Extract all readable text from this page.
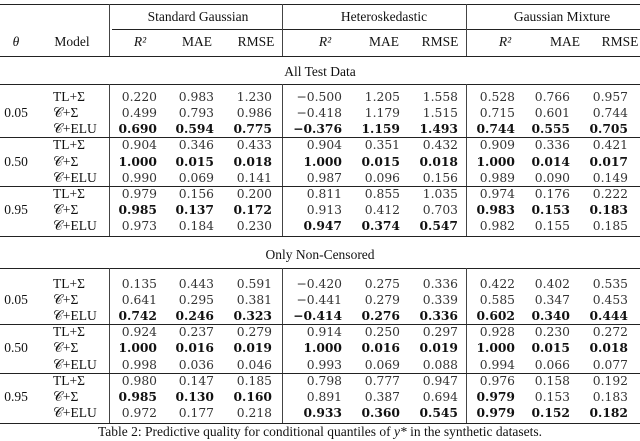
Table 2: Predictive quality for conditional quantiles of y* in the synthetic datasets.
θ	Model
Standard Gaussian	Heteroskedastic	Gaussian Mixture
R²	MAE RMSE	R²	MAE RMSE	R²	MAE RMSE
All Test Data
0.05
TL+Σ	0.220 0.983 1.230 −0.500 1.205 1.558 0.528 0.766 0.957
𝒞+Σ	0.499 0.793 0.986 −0.418 1.179 1.515 0.715 0.601 0.744
𝒞+ELU 0.690 0.594 0.775 −0.376 1.159 1.493 0.744 0.555 0.705
0.50
TL+Σ	0.904 0.346 0.433	0.904 0.351 0.432 0.909 0.336 0.421
𝒞+Σ	1.000 0.015 0.018	1.000 0.015 0.018 1.000 0.014 0.017
𝒞+ELU 0.990 0.069 0.141	0.987 0.096 0.156 0.989 0.090 0.149
0.95
TL+Σ	0.979 0.156 0.200	0.811 0.855 1.035 0.974 0.176 0.222
𝒞+Σ	0.985 0.137 0.172	0.913 0.412 0.703 0.983 0.153 0.183
𝒞+ELU 0.973 0.184 0.230	0.947 0.374 0.547 0.982 0.155 0.185
Only Non-Censored
0.05
TL+Σ	0.135 0.443 0.591 −0.420 0.275 0.336 0.422 0.402 0.535
𝒞+Σ	0.641 0.295 0.381 −0.441 0.279 0.339 0.585 0.347 0.453
𝒞+ELU 0.742 0.246 0.323 −0.414 0.276 0.336 0.602 0.340 0.444
0.50
TL+Σ	0.924 0.237 0.279	0.914 0.250 0.297 0.928 0.230 0.272
𝒞+Σ	1.000 0.016 0.019	1.000 0.016 0.019 1.000 0.015 0.018
𝒞+ELU 0.998 0.036 0.046	0.993 0.069 0.088 0.994 0.066 0.077
0.95
TL+Σ	0.980 0.147 0.185	0.798 0.777 0.947 0.976 0.158 0.192
𝒞+Σ	0.985 0.130 0.160	0.891 0.387 0.694 0.979 0.153 0.183
𝒞+ELU 0.972 0.177 0.218	0.933 0.360 0.545 0.979 0.152 0.182
